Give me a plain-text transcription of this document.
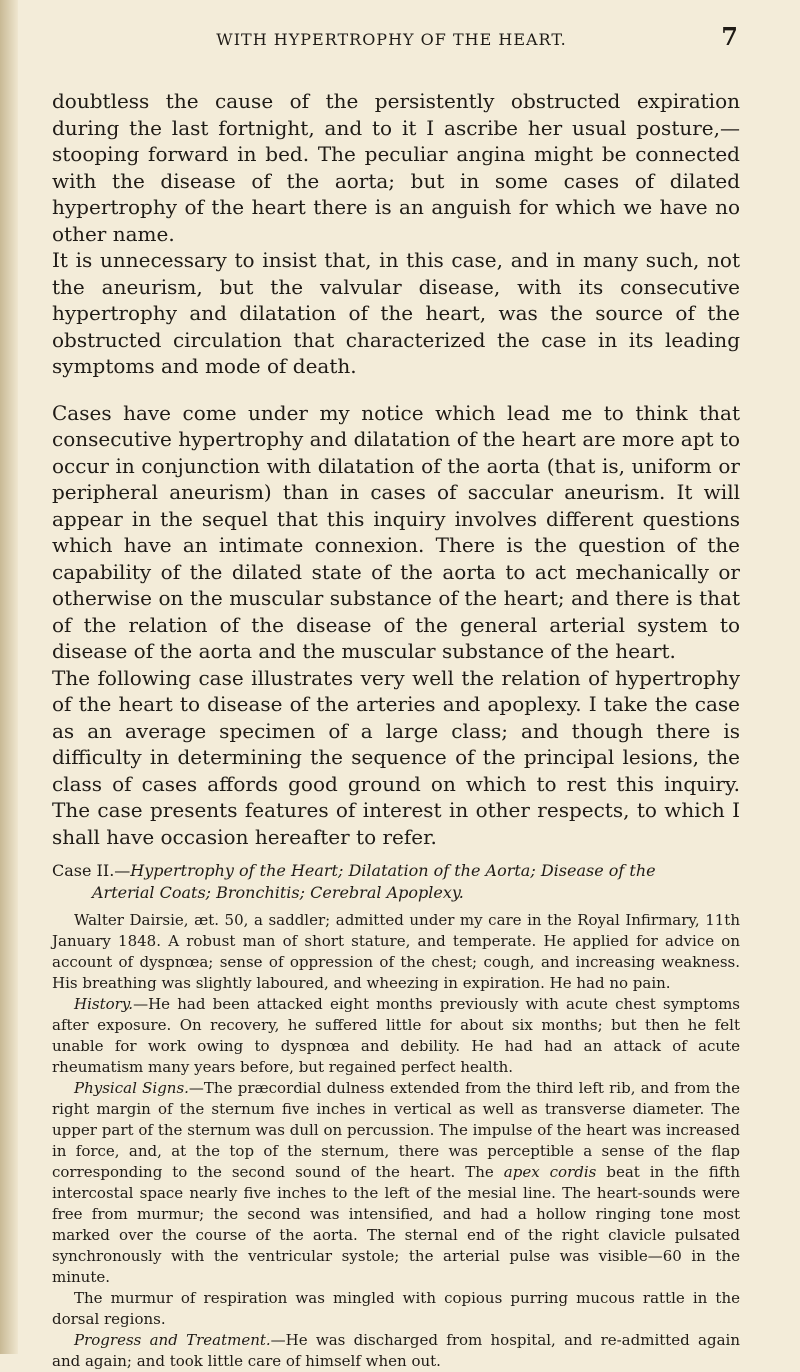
WITH HYPERTROPHY OF THE HEART.	7

doubtless the cause of the persistently obstructed expiration during the last fortnight, and to it I ascribe her usual posture,—stooping forward in bed. The peculiar angina might be connected with the disease of the aorta; but in some cases of dilated hypertrophy of the heart there is an anguish for which we have no other name.

It is unnecessary to insist that, in this case, and in many such, not the aneurism, but the valvular disease, with its consecutive hypertrophy and dilatation of the heart, was the source of the obstructed circulation that characterized the case in its leading symptoms and mode of death.

Cases have come under my notice which lead me to think that consecutive hypertrophy and dilatation of the heart are more apt to occur in conjunction with dilatation of the aorta (that is, uniform or peripheral aneurism) than in cases of saccular aneurism. It will appear in the sequel that this inquiry involves different questions which have an intimate connexion. There is the question of the capability of the dilated state of the aorta to act mechanically or otherwise on the muscular substance of the heart; and there is that of the relation of the disease of the general arterial system to disease of the aorta and the muscular substance of the heart.

The following case illustrates very well the relation of hypertrophy of the heart to disease of the arteries and apoplexy. I take the case as an average specimen of a large class; and though there is difficulty in determining the sequence of the principal lesions, the class of cases affords good ground on which to rest this inquiry. The case presents features of interest in other respects, to which I shall have occasion hereafter to refer.

Case II.—Hypertrophy of the Heart; Dilatation of the Aorta; Disease of the
Arterial Coats; Bronchitis; Cerebral Apoplexy.

Walter Dairsie, æt. 50, a saddler; admitted under my care in the Royal Infirmary, 11th January 1848. A robust man of short stature, and temperate. He applied for advice on account of dyspnœa; sense of oppression of the chest; cough, and increasing weakness. His breathing was slightly laboured, and wheezing in expiration. He had no pain.

History.—He had been attacked eight months previously with acute chest symptoms after exposure. On recovery, he suffered little for about six months; but then he felt unable for work owing to dyspnœa and debility. He had had an attack of acute rheumatism many years before, but regained perfect health.

Physical Signs.—The præcordial dulness extended from the third left rib, and from the right margin of the sternum five inches in vertical as well as transverse diameter. The upper part of the sternum was dull on percussion. The impulse of the heart was increased in force, and, at the top of the sternum, there was perceptible a sense of the flap corresponding to the second sound of the heart. The apex cordis beat in the fifth intercostal space nearly five inches to the left of the mesial line. The heart-sounds were free from murmur; the second was intensified, and had a hollow ringing tone most marked over the course of the aorta. The sternal end of the right clavicle pulsated synchronously with the ventricular systole; the arterial pulse was visible—60 in the minute.

The murmur of respiration was mingled with copious purring mucous rattle in the dorsal regions.

Progress and Treatment.—He was discharged from hospital, and re-admitted again and again; and took little care of himself when out.
